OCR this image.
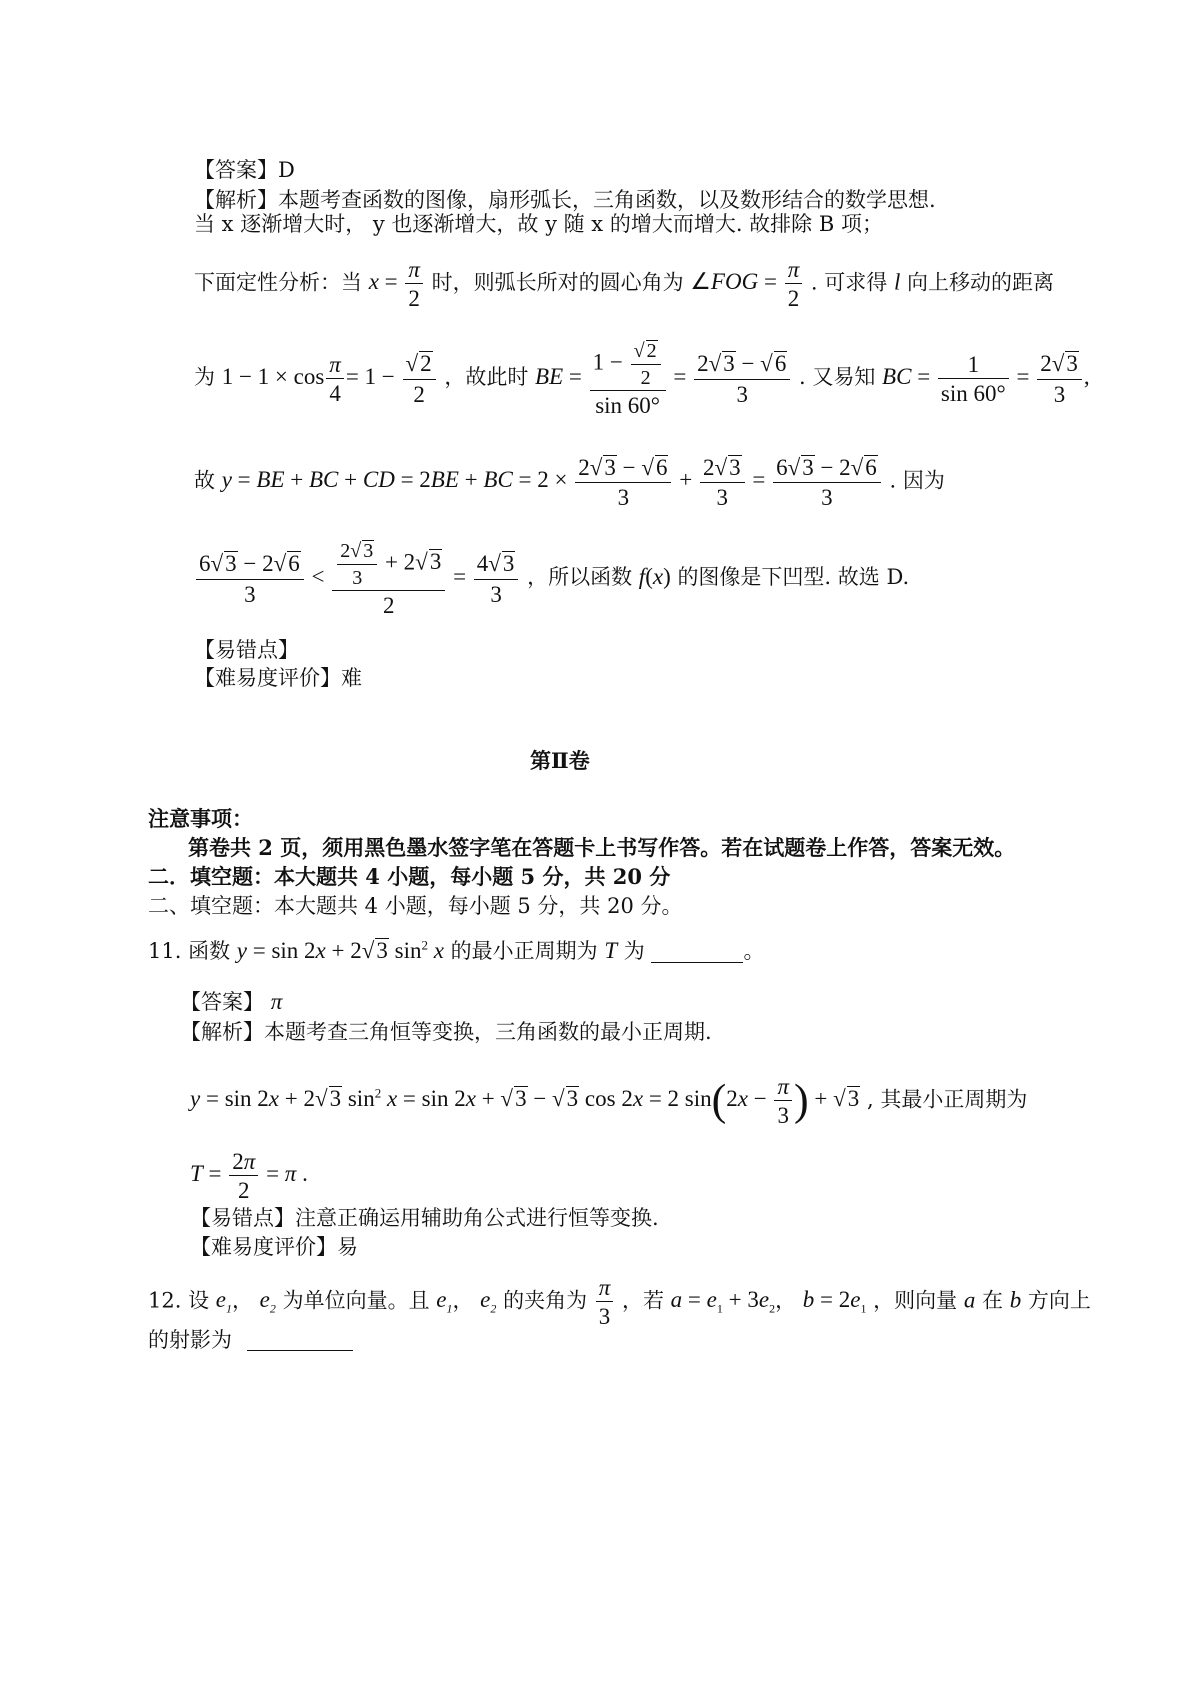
【答案】D
【解析】本题考查函数的图像，扇形弧长，三角函数，以及数形结合的数学思想.
当 x 逐渐增大时， y 也逐渐增大，故 y 随 x 的增大而增大. 故排除 B 项；
下面定性分析：当 $x = \frac{\pi}{2}$ 时，则弧长所对的圆心角为 ∠FOG = $\frac{\pi}{2}$ . 可求得 l 向上移动的距离
为 $1 - 1 \times \cos \frac{\pi}{4} = 1 - \frac{√2}{2}$ ，故此时 BE = $\frac{1 - \frac{√ 2}{2}}{\sin 60^\circ} = \frac{2√3 - √6}{3}$ . 又易知 BC = $\frac{1}{\sin 60^\circ} = \frac{2√3}{3}$ ,
故 y = BE + BC + CD = 2BE + BC = $2 \times \frac{2√3 - √6}{3} + \frac{2√3}{3} = \frac{6√3 - 2√6}{3}$ . 因为
$\frac{6√3 - 2√6}{3} < \frac{\frac{2√ 3}{3} + 2√3}{2} = \frac{4√3}{3}$ ，所以函数 f(x) 的图像是下凹型. 故选 D.
【易错点】
【难易度评价】难
第Ⅱ卷
注意事项：
第卷共 2 页，须用黑色墨水签字笔在答题卡上书写作答。若在试题卷上作答，答案无效。
二．填空题：本大题共 4 小题，每小题 5 分，共 20 分
二、填空题：本大题共 4 小题，每小题 5 分，共 20 分。
11. 函数 y = sin 2x + 2√3 $\sin^2 x$ 的最小正周期为 T 为	。
【答案】 π
【解析】本题考查三角恒等变换，三角函数的最小正周期.
y = sin 2x + 2√3 $\sin^2 x = \sin 2x + √3 - √3$ cos 2x = 2 $\sin(2x - \frac{\pi}{3}$ ) + √3 , 其最小正周期为
$T = \frac{2\pi}{2} = \pi$ .
【易错点】注意正确运用辅助角公式进行恒等变换.
【难易度评价】易
12. 设 $e_1$， $e_2$ 为单位向量。且 $e_1$， $e_2$ 的夹角为 $\frac{\pi}{3}$ ，若 $a = e_1 + 3e_2$， $b = 2e_1$ ，则向量 a 在 b 方向上
的射影为
